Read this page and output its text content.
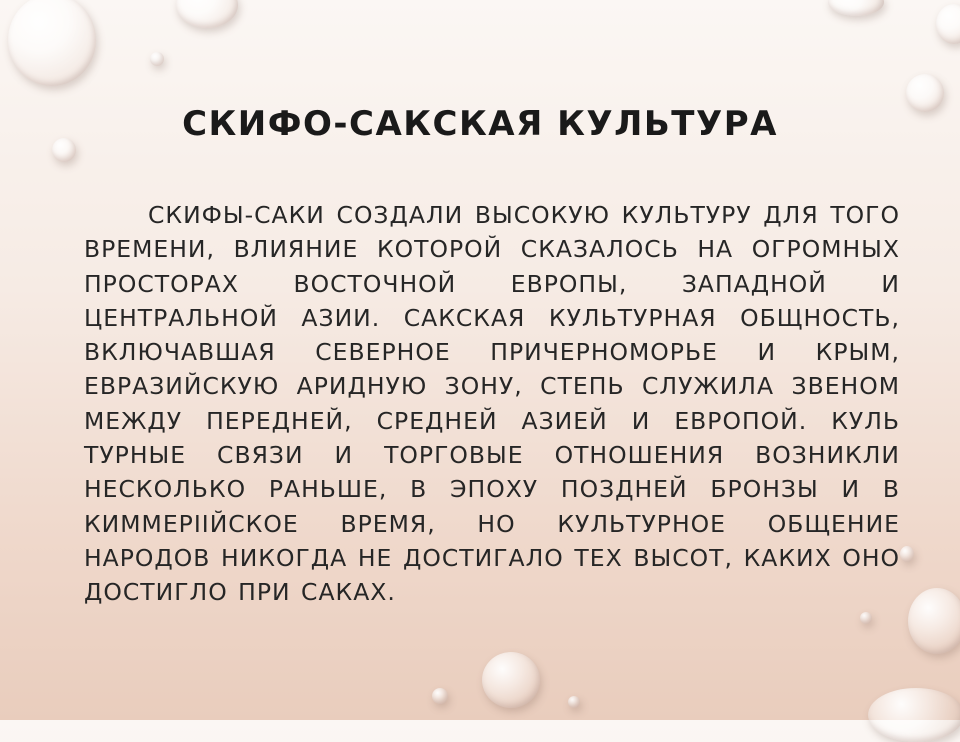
СКИФО-САКСКАЯ КУЛЬТУРА

СКИФЫ-САКИ СОЗДАЛИ ВЫСОКУЮ КУЛЬТУРУ ДЛЯ ТОГО ВРЕМЕНИ, ВЛИЯНИЕ КОТОРОЙ СКАЗАЛОСЬ НА ОГРОМНЫХ ПРОСТОРАХ ВОСТОЧНОЙ ЕВРОПЫ, ЗАПАДНОЙ И ЦЕНТРАЛЬНОЙ АЗИИ. САКСКАЯ КУЛЬТУРНАЯ ОБЩНОСТЬ, ВКЛЮЧАВШАЯ СЕВЕРНОЕ ПРИЧЕРНОМОРЬЕ И КРЫМ, ЕВРАЗИЙСКУЮ АРИДНУЮ ЗОНУ, СТЕПЬ СЛУЖИЛА ЗВЕНОМ МЕЖДУ ПЕРЕДНЕЙ, СРЕДНЕЙ АЗИЕЙ И ЕВРОПОЙ. КУЛЬ ТУРНЫЕ СВЯЗИ И ТОРГОВЫЕ ОТНОШЕНИЯ ВОЗНИКЛИ НЕСКОЛЬКО РАНЬШЕ, В ЭПОХУ ПОЗДНЕЙ БРОНЗЫ И В КИММЕРIIЙСКОЕ ВРЕМЯ, НО КУЛЬТУРНОЕ ОБЩЕНИЕ НАРОДОВ НИКОГДА НЕ ДОСТИГАЛО ТЕХ ВЫСОТ, КАКИХ ОНО ДОСТИГЛО ПРИ САКАХ.
